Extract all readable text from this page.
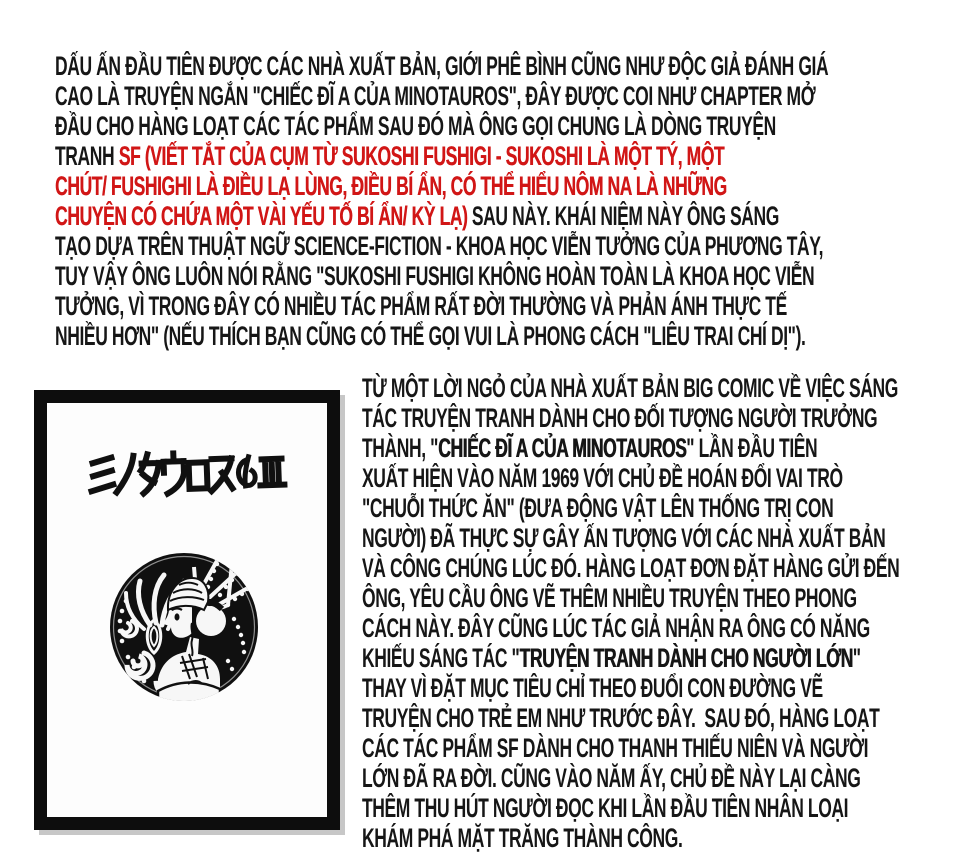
DẤU ẤN ĐẦU TIÊN ĐƯỢC CÁC NHÀ XUẤT BẢN, GIỚI PHÊ BÌNH CŨNG NHƯ ĐỘC GIẢ ĐÁNH GIÁ
CAO LÀ TRUYỆN NGẮN "CHIẾC ĐĨ A CỦA MINOTAUROS", ĐÂY ĐƯỢC COI NHƯ CHAPTER MỞ
ĐẦU CHO HÀNG LOẠT CÁC TÁC PHẨM SAU ĐÓ MÀ ÔNG GỌI CHUNG LÀ DÒNG TRUYỆN
TRANH SF (VIẾT TẮT CỦA CỤM TỪ SUKOSHI FUSHIGI - SUKOSHI LÀ MỘT TÝ, MỘT
CHÚT/ FUSHIGHI LÀ ĐIỀU LẠ LÙNG, ĐIỀU BÍ ẨN, CÓ THỂ HIỂU NÔM NA LÀ NHỮNG
CHUYỆN CÓ CHỨA MỘT VÀI YẾU TỐ BÍ ẨN/ KỲ LẠ) SAU NÀY. KHÁI NIỆM NÀY ÔNG SÁNG
TẠO DỰA TRÊN THUẬT NGỮ SCIENCE-FICTION - KHOA HỌC VIỄN TƯỞNG CỦA PHƯƠNG TÂY,
TUY VẬY ÔNG LUÔN NÓI RẰNG "SUKOSHI FUSHIGI KHÔNG HOÀN TOÀN LÀ KHOA HỌC VIỄN
TƯỞNG, VÌ TRONG ĐÂY CÓ NHIỀU TÁC PHẨM RẤT ĐỜI THƯỜNG VÀ PHẢN ÁNH THỰC TẾ
NHIỀU HƠN" (NẾU THÍCH BẠN CŨNG CÓ THỂ GỌI VUI LÀ PHONG CÁCH "LIÊU TRAI CHÍ DỊ").
TỪ MỘT LỜI NGỎ CỦA NHÀ XUẤT BẢN BIG COMIC VỀ VIỆC SÁNG
TÁC TRUYỆN TRANH DÀNH CHO ĐỐI TƯỢNG NGƯỜI TRƯỞNG
THÀNH, "CHIẾC ĐĨ A CỦA MINOTAUROS" LẦN ĐẦU TIÊN
XUẤT HIỆN VÀO NĂM 1969 VỚI CHỦ ĐỀ HOÁN ĐỔI VAI TRÒ
"CHUỖI THỨC ĂN" (ĐƯA ĐỘNG VẬT LÊN THỐNG TRỊ CON
NGƯỜI) ĐÃ THỰC SỰ GÂY ẤN TƯỢNG VỚI CÁC NHÀ XUẤT BẢN
VÀ CÔNG CHÚNG LÚC ĐÓ. HÀNG LOẠT ĐƠN ĐẶT HÀNG GỬI ĐẾN
ÔNG, YÊU CẦU ÔNG VẼ THÊM NHIỀU TRUYỆN THEO PHONG
CÁCH NÀY. ĐÂY CŨNG LÚC TÁC GIẢ NHẬN RA ÔNG CÓ NĂNG
KHIẾU SÁNG TÁC "TRUYỆN TRANH DÀNH CHO NGƯỜI LỚN"
THAY VÌ ĐẶT MỤC TIÊU CHỈ THEO ĐUỔI CON ĐƯỜNG VẼ
TRUYỆN CHO TRẺ EM NHƯ TRƯỚC ĐÂY.  SAU ĐÓ, HÀNG LOẠT
CÁC TÁC PHẨM SF DÀNH CHO THANH THIẾU NIÊN VÀ NGƯỜI
LỚN ĐÃ RA ĐỜI. CŨNG VÀO NĂM ẤY, CHỦ ĐỀ NÀY LẠI CÀNG
THÊM THU HÚT NGƯỜI ĐỌC KHI LẦN ĐẦU TIÊN NHÂN LOẠI
KHÁM PHÁ MẶT TRĂNG THÀNH CÔNG.
